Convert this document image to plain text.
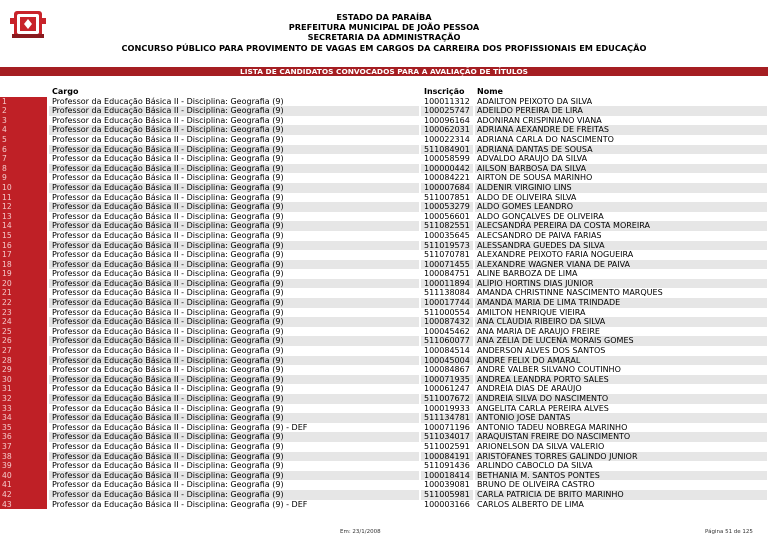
ESTADO DA PARAÍBA
PREFEITURA MUNICIPAL DE JOÃO PESSOA
SECRETARIA DA ADMINISTRAÇÃO
CONCURSO PÚBLICO PARA PROVIMENTO DE VAGAS EM CARGOS DA CARREIRA DOS PROFISSIONAIS EM EDUCAÇÃO
LISTA DE CANDIDATOS CONVOCADOS PARA A AVALIAÇÃO DE TÍTULOS
Cargo	Inscrição	Nome
1	Professor da Educação Básica II - Disciplina: Geografia (9)	100011312 ADAILTON PEIXOTO DA SILVA
2	Professor da Educação Básica II - Disciplina: Geografia (9)	100025747 ADEILDO PEREIRA DE LIRA
3	Professor da Educação Básica II - Disciplina: Geografia (9)	100096164 ADONIRAN CRISPINIANO VIANA
4	Professor da Educação Básica II - Disciplina: Geografia (9)	100062031 ADRIANA AEXANDRE DE FREITAS
5	Professor da Educação Básica II - Disciplina: Geografia (9)	100022314 ADRIANA CARLA DO NASCIMENTO
6	Professor da Educação Básica II - Disciplina: Geografia (9)	511084901 ADRIANA DANTAS DE SOUSA
7	Professor da Educação Básica II - Disciplina: Geografia (9)	100058599 ADVALDO ARAUJO DA SILVA
8	Professor da Educação Básica II - Disciplina: Geografia (9)	100000442 AILSON BARBOSA DA SILVA
9	Professor da Educação Básica II - Disciplina: Geografia (9)	100084221 AIRTON DE SOUSA MARINHO
10	Professor da Educação Básica II - Disciplina: Geografia (9)	100007684 ALDENIR VIRGINIO LINS
11	Professor da Educação Básica II - Disciplina: Geografia (9)	511007851 ALDO DE OLIVEIRA SILVA
12	Professor da Educação Básica II - Disciplina: Geografia (9)	100053279 ALDO GOMES LEANDRO
13	Professor da Educação Básica II - Disciplina: Geografia (9)	100056601 ALDO GONÇALVES DE OLIVEIRA
14	Professor da Educação Básica II - Disciplina: Geografia (9)	511082551 ALECSANDRA PEREIRA DA COSTA MOREIRA
15	Professor da Educação Básica II - Disciplina: Geografia (9)	100035645 ALECSANDRO DE PAIVA FARIAS
16	Professor da Educação Básica II - Disciplina: Geografia (9)	511019573 ALESSANDRA GUEDES DA SILVA
17	Professor da Educação Básica II - Disciplina: Geografia (9)	511070781 ALEXANDRE PEIXOTO FARIA NOGUEIRA
18	Professor da Educação Básica II - Disciplina: Geografia (9)	100071455 ALEXANDRE WAGNER VIANA DE PAIVA
19	Professor da Educação Básica II - Disciplina: Geografia (9)	100084751 ALINE BARBOZA DE LIMA
20	Professor da Educação Básica II - Disciplina: Geografia (9)	100011894 ALÍPIO HORTINS DIAS JÚNIOR
21	Professor da Educação Básica II - Disciplina: Geografia (9)	511138084 AMANDA CHRISTINNE NASCIMENTO MARQUES
22	Professor da Educação Básica II - Disciplina: Geografia (9)	100017744 AMANDA MARIA DE LIMA TRINDADE
23	Professor da Educação Básica II - Disciplina: Geografia (9)	511000554 AMILTON HENRIQUE VIEIRA
24	Professor da Educação Básica II - Disciplina: Geografia (9)	100087432 ANA CLÁUDIA RIBEIRO DA SILVA
25	Professor da Educação Básica II - Disciplina: Geografia (9)	100045462 ANA MARIA DE ARAUJO FREIRE
26	Professor da Educação Básica II - Disciplina: Geografia (9)	511060077 ANA ZÉLIA DE LUCENA MORAIS GOMES
27	Professor da Educação Básica II - Disciplina: Geografia (9)	100084514 ANDERSON ALVES DOS SANTOS
28	Professor da Educação Básica II - Disciplina: Geografia (9)	100045004 ANDRÉ FELIX DO AMARAL
29	Professor da Educação Básica II - Disciplina: Geografia (9)	100084867 ANDRÉ VALBER SILVANO COUTINHO
30	Professor da Educação Básica II - Disciplina: Geografia (9)	100071935 ANDREA LEANDRA PORTO SALES
31	Professor da Educação Básica II - Disciplina: Geografia (9)	100061247 ANDRÉIA DIAS DE ARAÚJO
32	Professor da Educação Básica II - Disciplina: Geografia (9)	511007672 ANDRÉIA SILVA DO NASCIMENTO
33	Professor da Educação Básica II - Disciplina: Geografia (9)	100019933 ANGELITA CARLA PEREIRA ALVES
34	Professor da Educação Básica II - Disciplina: Geografia (9)	511134781 ANTONIO JOSÉ DANTAS
35	Professor da Educação Básica II - Disciplina: Geografia (9) - DEF	100071196 ANTONIO TADEU NOBREGA MARINHO
36	Professor da Educação Básica II - Disciplina: Geografia (9)	511034017 ARAQUISTAN FREIRE DO NASCIMENTO
37	Professor da Educação Básica II - Disciplina: Geografia (9)	511002591 ARIONELSON DA SILVA VALERIO
38	Professor da Educação Básica II - Disciplina: Geografia (9)	100084191 ARISTÓFANES TORRES GALINDO JUNIOR
39	Professor da Educação Básica II - Disciplina: Geografia (9)	511091436 ARLINDO CABOCLO DA SILVA
40	Professor da Educação Básica II - Disciplina: Geografia (9)	100018414 BETHANIA M. SANTOS PONTES
41	Professor da Educação Básica II - Disciplina: Geografia (9)	100039081 BRUNO DE OLIVEIRA CASTRO
42	Professor da Educação Básica II - Disciplina: Geografia (9)	511005981 CARLA PATRICIA DE BRITO MARINHO
43	Professor da Educação Básica II - Disciplina: Geografia (9) - DEF	100003166 CARLOS ALBERTO DE LIMA
Em: 23/1/2008	Página 51 de 125
